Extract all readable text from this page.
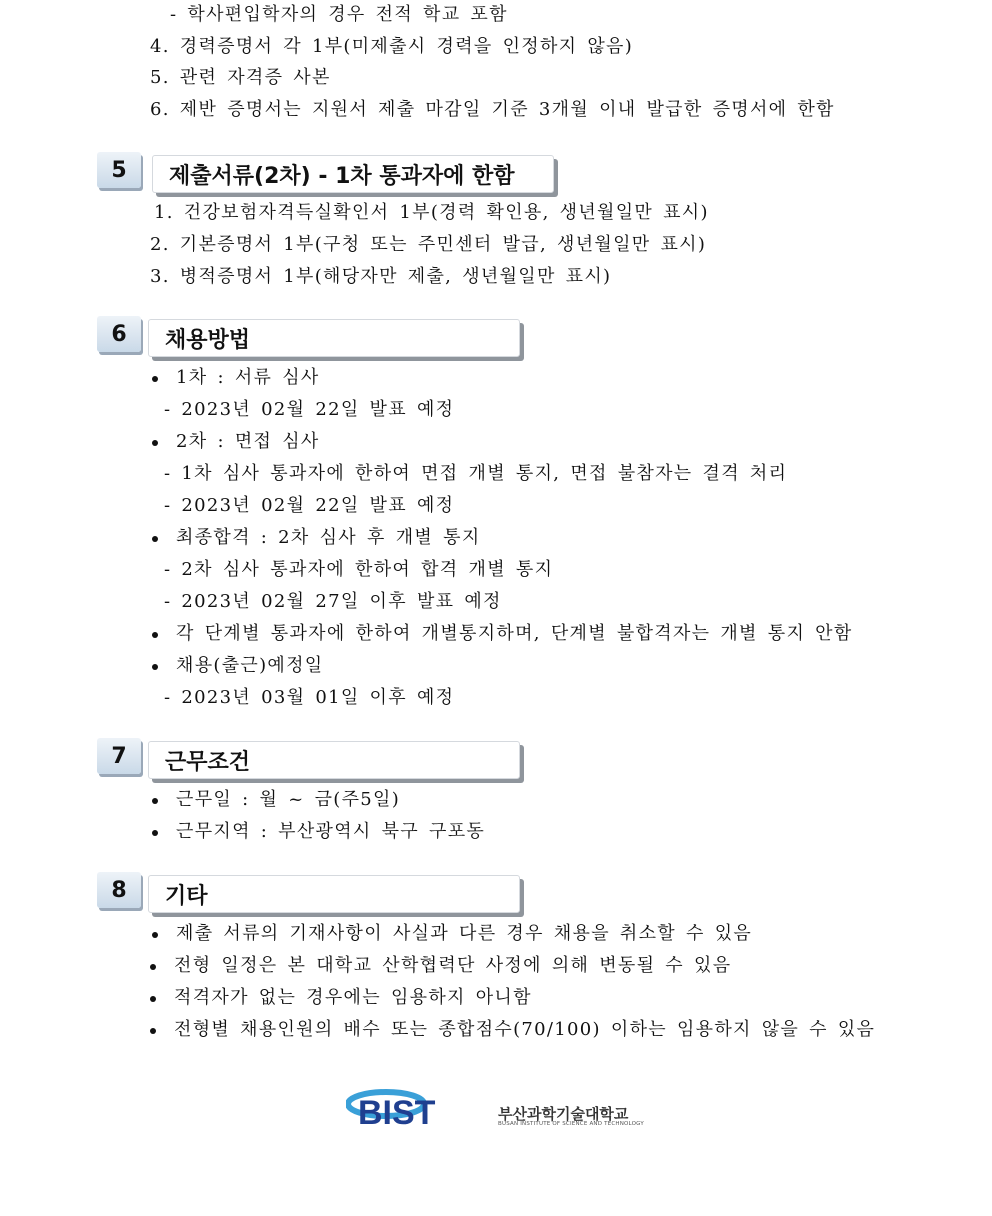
- 학사편입학자의 경우 전적 학교 포함
4. 경력증명서 각 1부(미제출시 경력을 인정하지 않음)
5. 관련 자격증 사본
6. 제반 증명서는 지원서 제출 마감일 기준 3개월 이내 발급한 증명서에 한함
5	제출서류(2차) - 1차 통과자에 한함
1. 건강보험자격득실확인서 1부(경력 확인용, 생년월일만 표시)
2. 기본증명서 1부(구청 또는 주민센터 발급, 생년월일만 표시)
3. 병적증명서 1부(해당자만 제출, 생년월일만 표시)
6	채용방법
1차 : 서류 심사
- 2023년 02월 22일 발표 예정
2차 : 면접 심사
- 1차 심사 통과자에 한하여 면접 개별 통지, 면접 불참자는 결격 처리
- 2023년 02월 22일 발표 예정
최종합격 : 2차 심사 후 개별 통지
- 2차 심사 통과자에 한하여 합격 개별 통지
- 2023년 02월 27일 이후 발표 예정
각 단계별 통과자에 한하여 개별통지하며, 단계별 불합격자는 개별 통지 안함
채용(출근)예정일
- 2023년 03월 01일 이후 예정
7	근무조건
근무일 : 월 ~ 금(주5일)
근무지역 : 부산광역시 북구 구포동
8	기타
제출 서류의 기재사항이 사실과 다른 경우 채용을 취소할 수 있음
전형 일정은 본 대학교 산학협력단 사정에 의해 변동될 수 있음
적격자가 없는 경우에는 임용하지 아니함
전형별 채용인원의 배수 또는 종합점수(70/100) 이하는 임용하지 않을 수 있음
BIST	부산과학기술대학교
BUSAN INSTITUTE OF SCIENCE AND TECHNOLOGY
